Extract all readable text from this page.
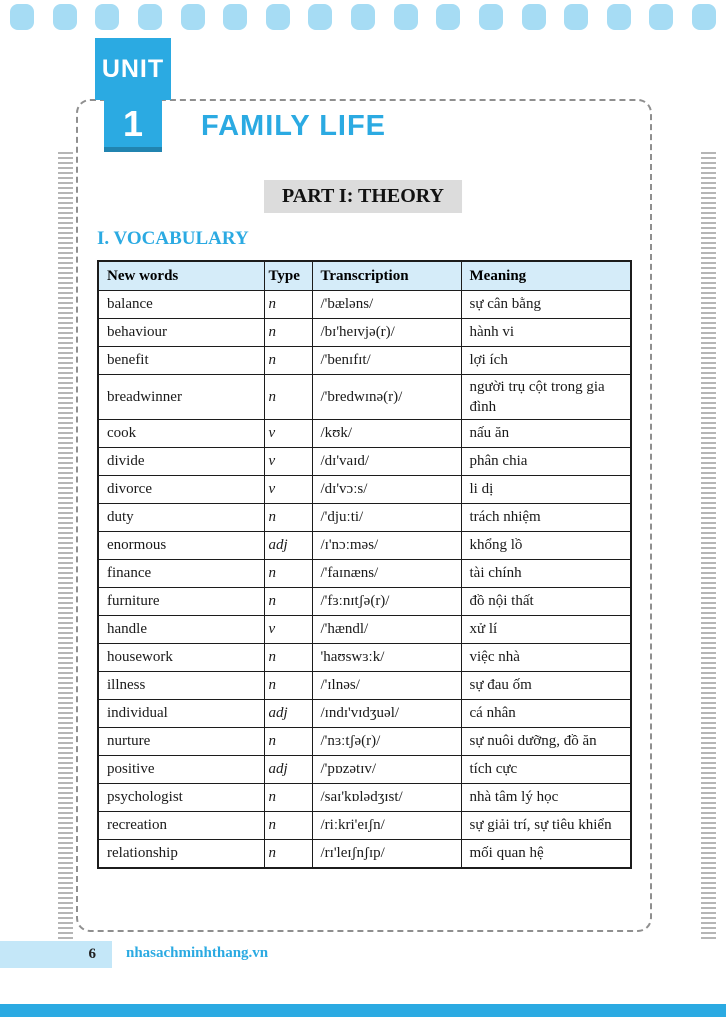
UNIT
1	FAMILY LIFE
PART I: THEORY
I. VOCABULARY
New words	Type	Transcription	Meaning
balance	n	/'bæləns/	sự cân bằng
behaviour	n	/bɪ'heɪvjə(r)/	hành vi
benefit	n	/'benɪfɪt/	lợi ích
breadwinner	n	/'bredwɪnə(r)/	người trụ cột trong gia đình
cook	v	/kʊk/	nấu ăn
divide	v	/dɪ'vaɪd/	phân chia
divorce	v	/dɪ'vɔːs/	li dị
duty	n	/'djuːti/	trách nhiệm
enormous	adj	/ɪ'nɔːməs/	khổng lồ
finance	n	/'faɪnæns/	tài chính
furniture	n	/'fɜːnɪtʃə(r)/	đồ nội thất
handle	v	/'hændl/	xử lí
housework	n	'haʊswɜːk/	việc nhà
illness	n	/'ɪlnəs/	sự đau ốm
individual	adj	/ɪndɪ'vɪdʒuəl/	cá nhân
nurture	n	/'nɜːtʃə(r)/	sự nuôi dưỡng, đồ ăn
positive	adj	/'pɒzətɪv/	tích cực
psychologist	n	/saɪ'kɒlədʒɪst/	nhà tâm lý học
recreation	n	/riːkri'eɪʃn/	sự giải trí, sự tiêu khiển
relationship	n	/rɪ'leɪʃnʃɪp/	mối quan hệ
6 nhasachminhthang.vn
